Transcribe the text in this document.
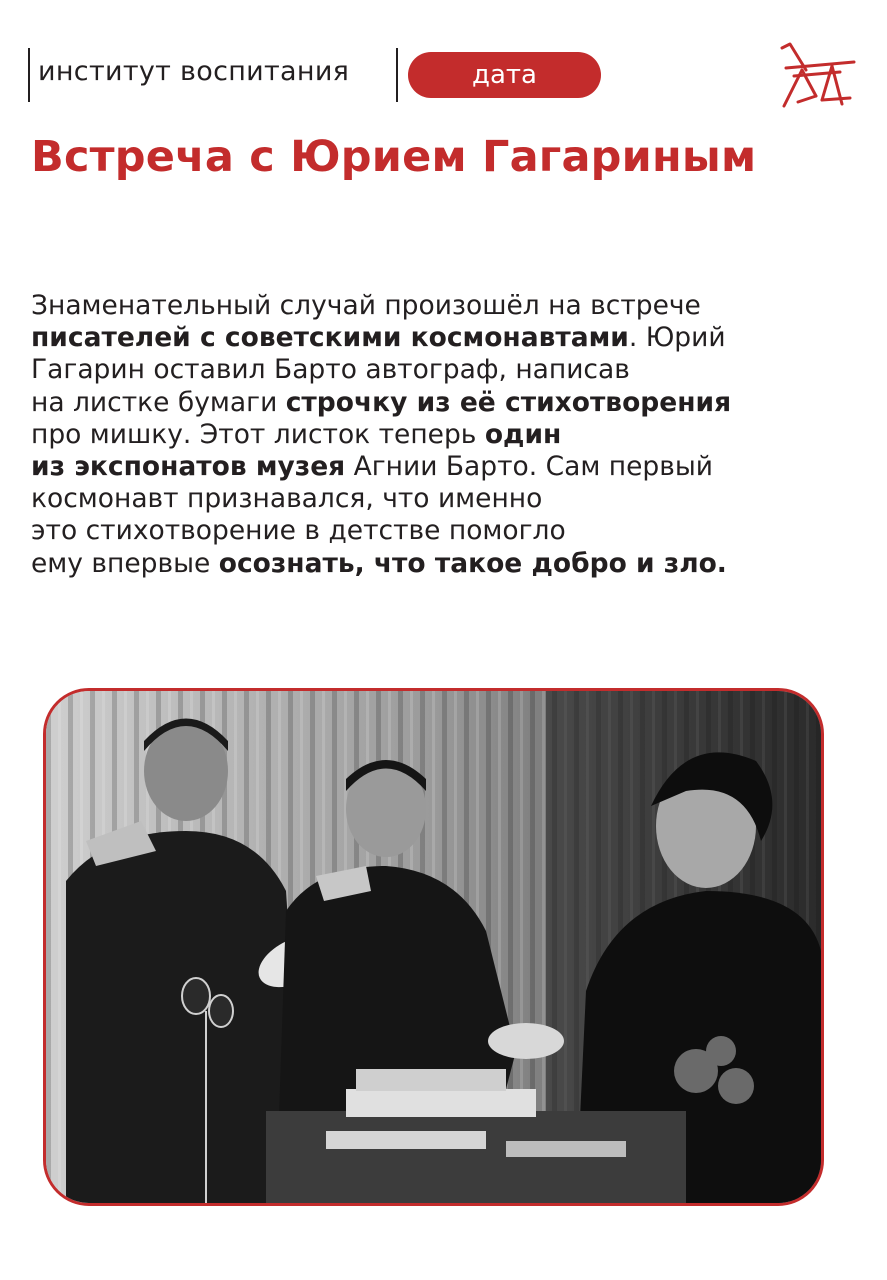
институт воспитания	дата
Встреча с Юрием Гагариным
Знаменательный случай произошёл на встрече
писателей с советскими космонавтами. Юрий
Гагарин оставил Барто автограф, написав
на листке бумаги строчку из её стихотворения
про мишку. Этот листок теперь один
из экспонатов музея Агнии Барто. Сам первый
космонавт признавался, что именно
это стихотворение в детстве помогло
ему впервые осознать, что такое добро и зло.
